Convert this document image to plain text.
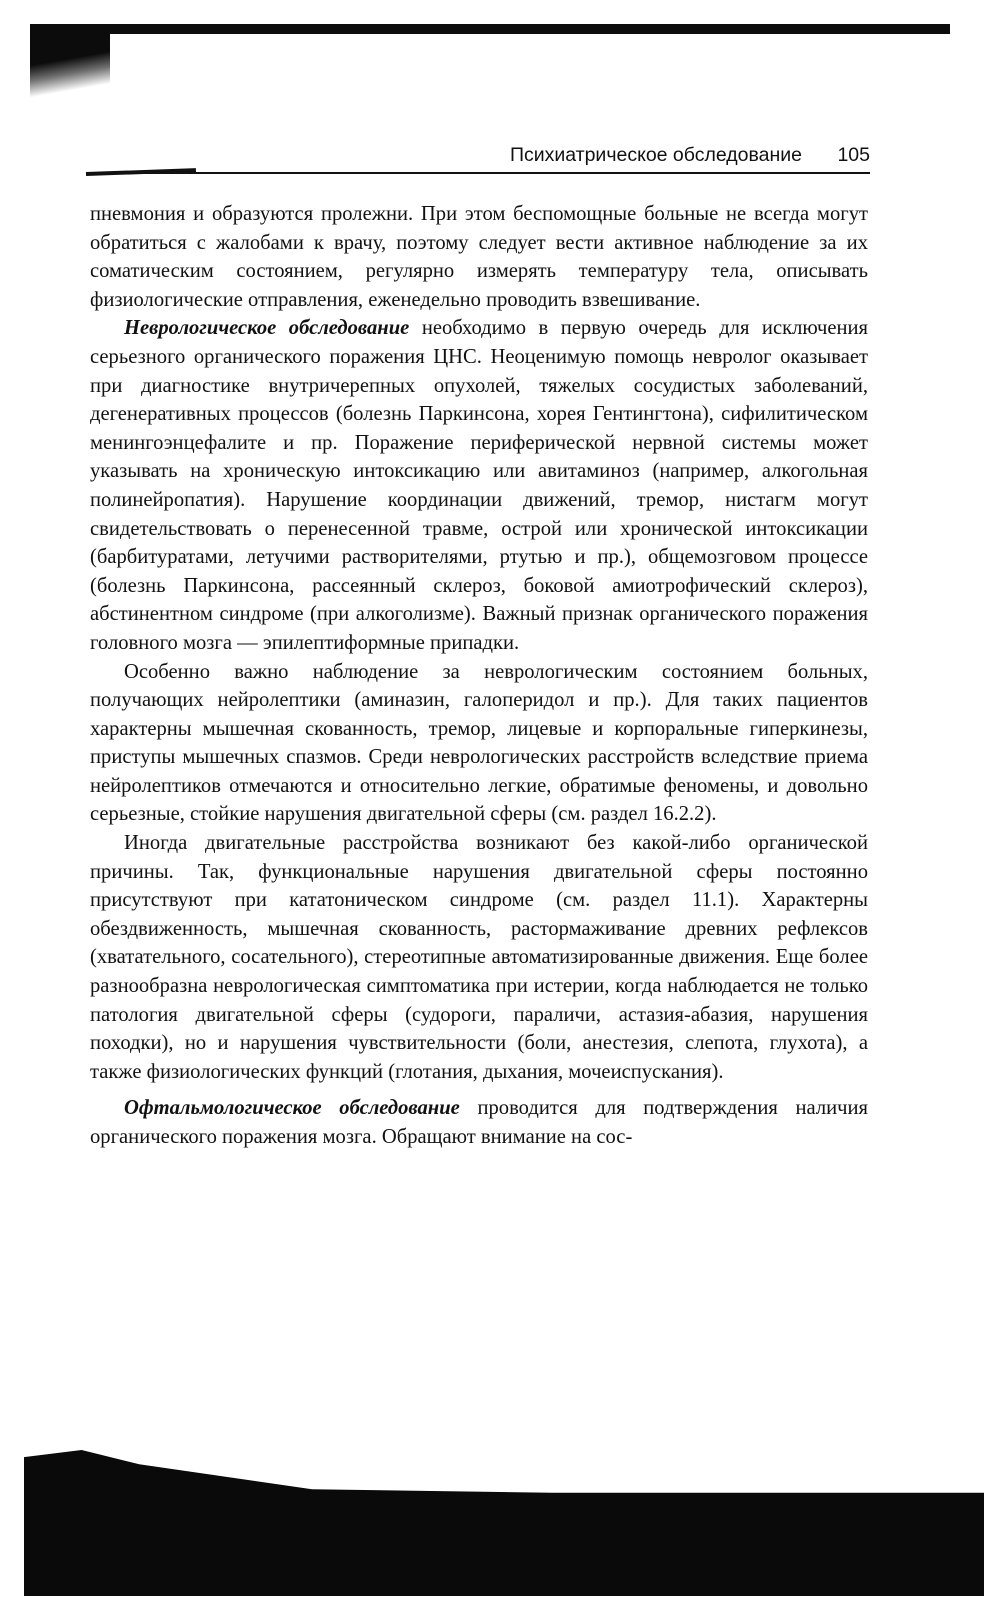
Психиатрическое обследование 105

пневмония и образуются пролежни. При этом беспомощные больные не всегда могут обратиться с жалобами к врачу, поэтому следует вести активное наблюдение за их соматическим состоянием, регулярно измерять температуру тела, описывать физиологические отправления, еженедельно проводить взвешивание.

Неврологическое обследование необходимо в первую очередь для исключения серьезного органического поражения ЦНС. Неоценимую помощь невролог оказывает при диагностике внутричерепных опухолей, тяжелых сосудистых заболеваний, дегенеративных процессов (болезнь Паркинсона, хорея Гентингтона), сифилитическом менингоэнцефалите и пр. Поражение периферической нервной системы может указывать на хроническую интоксикацию или авитаминоз (например, алкогольная полинейропатия). Нарушение координации движений, тремор, нистагм могут свидетельствовать о перенесенной травме, острой или хронической интоксикации (барбитуратами, летучими растворителями, ртутью и пр.), общемозговом процессе (болезнь Паркинсона, рассеянный склероз, боковой амиотрофический склероз), абстинентном синдроме (при алкоголизме). Важный признак органического поражения головного мозга — эпилептиформные припадки.

Особенно важно наблюдение за неврологическим состоянием больных, получающих нейролептики (аминазин, галоперидол и пр.). Для таких пациентов характерны мышечная скованность, тремор, лицевые и корпоральные гиперкинезы, приступы мышечных спазмов. Среди неврологических расстройств вследствие приема нейролептиков отмечаются и относительно легкие, обратимые феномены, и довольно серьезные, стойкие нарушения двигательной сферы (см. раздел 16.2.2).

Иногда двигательные расстройства возникают без какой-либо органической причины. Так, функциональные нарушения двигательной сферы постоянно присутствуют при кататоническом синдроме (см. раздел 11.1). Характерны обездвиженность, мышечная скованность, растормаживание древних рефлексов (хватательного, сосательного), стереотипные автоматизированные движения. Еще более разнообразна неврологическая симптоматика при истерии, когда наблюдается не только патология двигательной сферы (судороги, параличи, астазия-абазия, нарушения походки), но и нарушения чувствительности (боли, анестезия, слепота, глухота), а также физиологических функций (глотания, дыхания, мочеиспускания).

Офтальмологическое обследование проводится для подтверждения наличия органического поражения мозга. Обращают внимание на сос-
